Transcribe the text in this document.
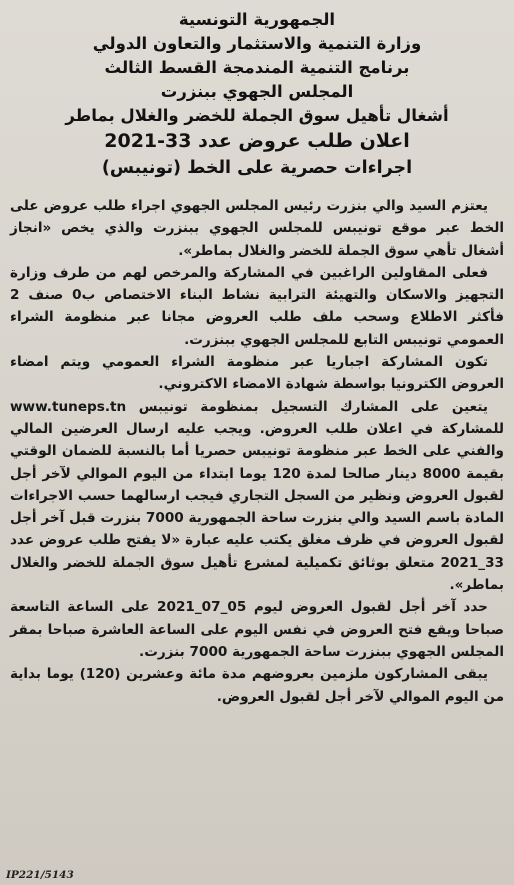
الجمهورية التونسية
وزارة التنمية والاستثمار والتعاون الدولي
برنامج التنمية المندمجة القسط الثالث
المجلس الجهوي ببنزرت
أشغال تأهيل سوق الجملة للخضر والغلال بماطر
اعلان طلب عروض عدد 33-2021
اجراءات حصرية على الخط (تونيبس)

يعتزم السيد والي بنزرت رئيس المجلس الجهوي اجراء طلب عروض على الخط عبر موقع تونيبس للمجلس الجهوي ببنزرت والذي يخص «انجاز أشغال تأهي سوق الجملة للخضر والغلال بماطر».

فعلى المقاولين الراغبين في المشاركة والمرخص لهم من طرف وزارة التجهيز والاسكان والتهيئة الترابية نشاط البناء الاختصاص ب0 صنف 2 فأكثر الاطلاع وسحب ملف طلب العروض مجانا عبر منظومة الشراء العمومي تونيبس التابع للمجلس الجهوي ببنزرت.

تكون المشاركة اجباريا عبر منظومة الشراء العمومي ويتم امضاء العروض الكترونيا بواسطة شهادة الامضاء الاكتروني.

يتعين على المشارك التسجيل بمنظومة تونيبس www.tuneps.tn للمشاركة في اعلان طلب العروض. ويجب عليه ارسال العرضين المالي والفني على الخط عبر منظومة تونيبس حصريا أما بالنسبة للضمان الوقتي بقيمة 8000 دينار صالحا لمدة 120 يوما ابتداء من اليوم الموالي لآخر أجل لقبول العروض ونظير من السجل التجاري فيجب ارسالهما حسب الاجراءات المادة باسم السيد والي بنزرت ساحة الجمهورية 7000 بنزرت قبل آخر أجل لقبول العروض في ظرف مغلق يكتب عليه عبارة «لا يفتح طلب عروض عدد 33_2021 متعلق بوثائق تكميلية لمشرع تأهيل سوق الجملة للخضر والغلال بماطر».

حدد آخر أجل لقبول العروض ليوم 05_07_2021 على الساعة التاسعة صباحا ويقع فتح العروض في نفس اليوم على الساعة العاشرة صباحا بمقر المجلس الجهوي ببنزرت ساحة الجمهورية 7000 بنزرت.

يبقى المشاركون ملزمين بعروضهم مدة مائة وعشرين (120) يوما بداية من اليوم الموالي لآخر أجل لقبول العروض.

IP221/5143
